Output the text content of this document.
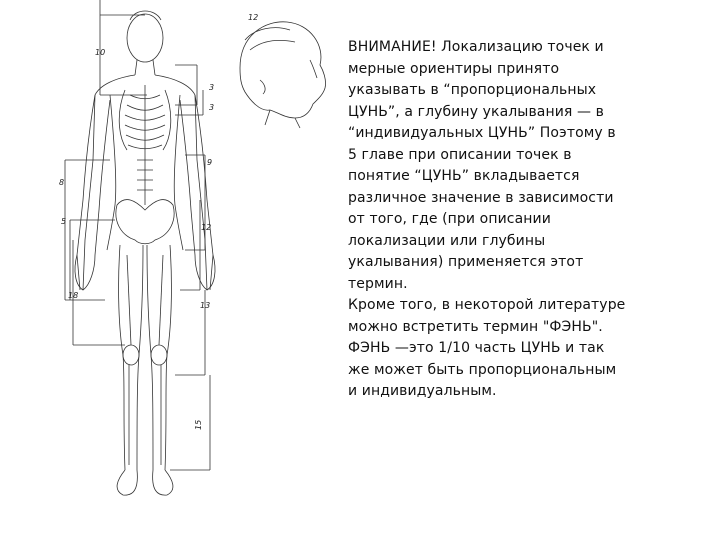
10
12
3
3
9
8
5
12
18
13
15
ВНИМАНИЕ! Локализацию точек и
мерные ориентиры принято
указывать в “пропорциональных
ЦУНЬ”, а глубину укалывания — в
“индивидуальных ЦУНЬ” Поэтому в
5 главе при описании точек в
понятие “ЦУНЬ” вкладывается
различное значение в зависимости
от того, где (при описании
локализации или глубины
укалывания) применяется этот
термин.
Кроме того, в некоторой литературе
можно встретить термин "ФЭНЬ".
ФЭНЬ —это 1/10 часть ЦУНЬ и так
же может быть пропорциональным
и индивидуальным.
